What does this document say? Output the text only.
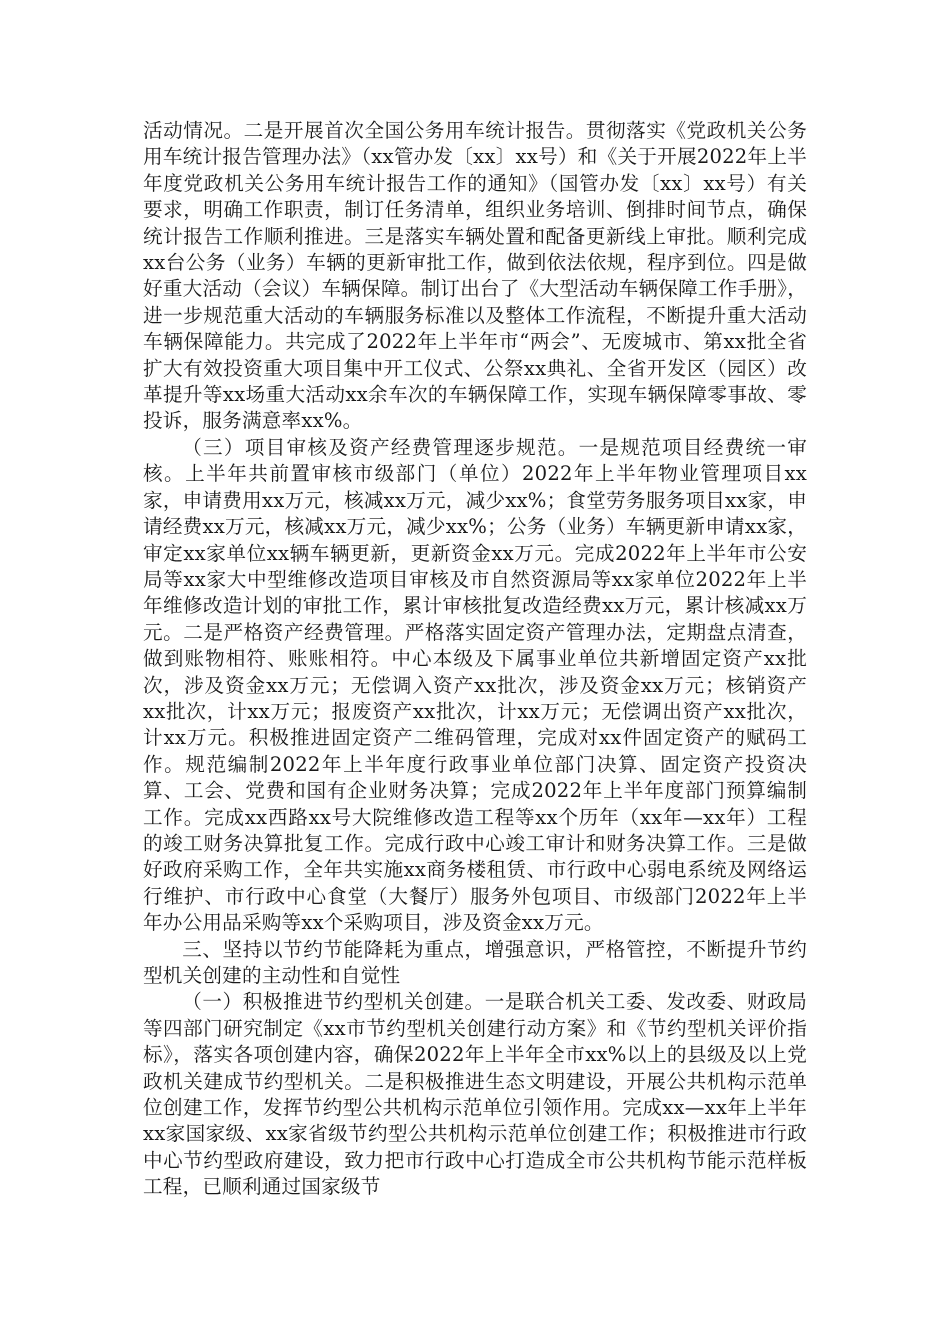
活动情况。二是开展首次全国公务用车统计报告。贯彻落实《党政机关公务用车统计报告管理办法》（xx管办发〔xx〕xx号）和《关于开展2022年上半年度党政机关公务用车统计报告工作的通知》（国管办发〔xx〕xx号）有关要求，明确工作职责，制订任务清单，组织业务培训、倒排时间节点，确保统计报告工作顺利推进。三是落实车辆处置和配备更新线上审批。顺利完成xx台公务（业务）车辆的更新审批工作，做到依法依规，程序到位。四是做好重大活动（会议）车辆保障。制订出台了《大型活动车辆保障工作手册》，进一步规范重大活动的车辆服务标准以及整体工作流程，不断提升重大活动车辆保障能力。共完成了2022年上半年市“两会”、无废城市、第xx批全省扩大有效投资重大项目集中开工仪式、公祭xx典礼、全省开发区（园区）改革提升等xx场重大活动xx余车次的车辆保障工作，实现车辆保障零事故、零投诉，服务满意率xx%。

（三）项目审核及资产经费管理逐步规范。一是规范项目经费统一审核。上半年共前置审核市级部门（单位）2022年上半年物业管理项目xx家，申请费用xx万元，核减xx万元，减少xx%；食堂劳务服务项目xx家，申请经费xx万元，核减xx万元，减少xx%；公务（业务）车辆更新申请xx家，审定xx家单位xx辆车辆更新，更新资金xx万元。完成2022年上半年市公安局等xx家大中型维修改造项目审核及市自然资源局等xx家单位2022年上半年维修改造计划的审批工作，累计审核批复改造经费xx万元，累计核减xx万元。二是严格资产经费管理。严格落实固定资产管理办法，定期盘点清查，做到账物相符、账账相符。中心本级及下属事业单位共新增固定资产xx批次，涉及资金xx万元；无偿调入资产xx批次，涉及资金xx万元；核销资产xx批次，计xx万元；报废资产xx批次，计xx万元；无偿调出资产xx批次，计xx万元。积极推进固定资产二维码管理，完成对xx件固定资产的赋码工作。规范编制2022年上半年度行政事业单位部门决算、固定资产投资决算、工会、党费和国有企业财务决算；完成2022年上半年度部门预算编制工作。完成xx西路xx号大院维修改造工程等xx个历年（xx年—xx年）工程的竣工财务决算批复工作。完成行政中心竣工审计和财务决算工作。三是做好政府采购工作，全年共实施xx商务楼租赁、市行政中心弱电系统及网络运行维护、市行政中心食堂（大餐厅）服务外包项目、市级部门2022年上半年办公用品采购等xx个采购项目，涉及资金xx万元。

三、坚持以节约节能降耗为重点，增强意识，严格管控，不断提升节约型机关创建的主动性和自觉性

（一）积极推进节约型机关创建。一是联合机关工委、发改委、财政局等四部门研究制定《xx市节约型机关创建行动方案》和《节约型机关评价指标》，落实各项创建内容，确保2022年上半年全市xx%以上的县级及以上党政机关建成节约型机关。二是积极推进生态文明建设，开展公共机构示范单位创建工作，发挥节约型公共机构示范单位引领作用。完成xx—xx年上半年xx家国家级、xx家省级节约型公共机构示范单位创建工作；积极推进市行政中心节约型政府建设，致力把市行政中心打造成全市公共机构节能示范样板工程，已顺利通过国家级节
